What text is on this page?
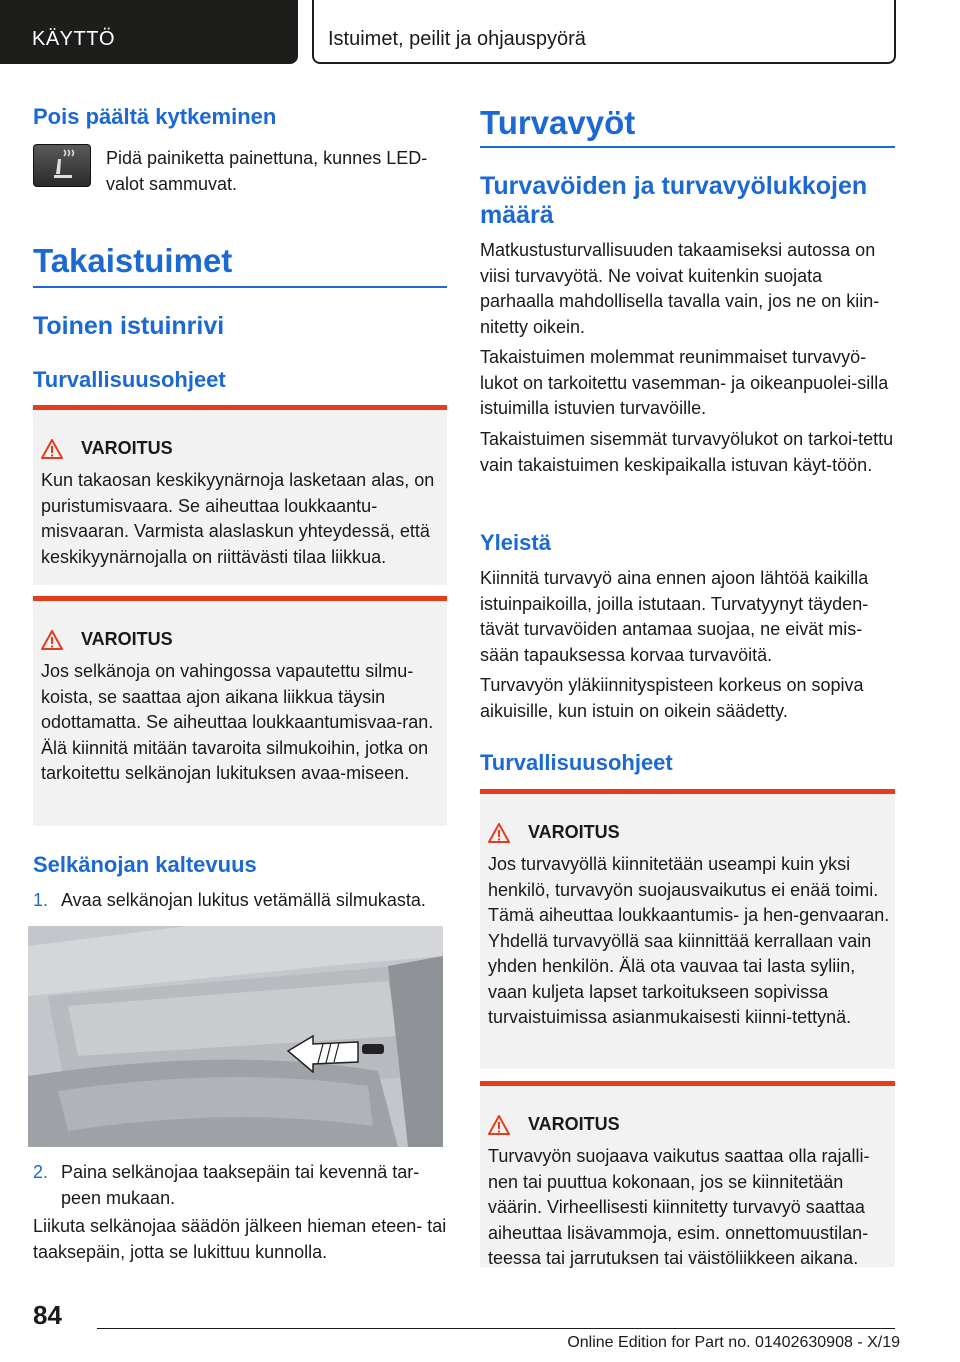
KÄYTTÖ	Istuimet, peilit ja ohjauspyörä
Pois päältä kytkeminen
Pidä painiketta painettuna, kunnes LED-valot sammuvat.
Takaistuimet
Toinen istuinrivi
Turvallisuusohjeet
VAROITUS
Kun takaosan keskikyynärnoja lasketaan alas, on puristumisvaara. Se aiheuttaa loukkaantu-misvaaran. Varmista alaslaskun yhteydessä, että keskikyynärnojalla on riittävästi tilaa liikkua.
VAROITUS
Jos selkänoja on vahingossa vapautettu silmu-koista, se saattaa ajon aikana liikkua täysin odottamatta. Se aiheuttaa loukkaantumisvaa-ran. Älä kiinnitä mitään tavaroita silmukoihin, jotka on tarkoitettu selkänojan lukituksen avaa-miseen.
Selkänojan kaltevuus
1. Avaa selkänojan lukitus vetämällä silmukasta.
2. Paina selkänojaa taaksepäin tai kevennä tar-peen mukaan.
Liikuta selkänojaa säädön jälkeen hieman eteen- tai taaksepäin, jotta se lukittuu kunnolla.
Turvavyöt
Turvavöiden ja turvavyölukkojen määrä
Matkustusturvallisuuden takaamiseksi autossa on viisi turvavyötä. Ne voivat kuitenkin suojata parhaalla mahdollisella tavalla vain, jos ne on kiin-nitetty oikein.
Takaistuimen molemmat reunimmaiset turvavyö-lukot on tarkoitettu vasemman- ja oikeanpuolei-silla istuimilla istuvien turvavöille.
Takaistuimen sisemmät turvavyölukot on tarkoi-tettu vain takaistuimen keskipaikalla istuvan käyt-töön.
Yleistä
Kiinnitä turvavyö aina ennen ajoon lähtöä kaikilla istuinpaikoilla, joilla istutaan. Turvatyynyt täyden-tävät turvavöiden antamaa suojaa, ne eivät mis-sään tapauksessa korvaa turvavöitä.
Turvavyön yläkiinnityspisteen korkeus on sopiva aikuisille, kun istuin on oikein säädetty.
Turvallisuusohjeet
VAROITUS
Jos turvavyöllä kiinnitetään useampi kuin yksi henkilö, turvavyön suojausvaikutus ei enää toimi. Tämä aiheuttaa loukkaantumis- ja hen-genvaaran. Yhdellä turvavyöllä saa kiinnittää kerrallaan vain yhden henkilön. Älä ota vauvaa tai lasta syliin, vaan kuljeta lapset tarkoitukseen sopivissa turvaistuimissa asianmukaisesti kiinni-tettynä.
VAROITUS
Turvavyön suojaava vaikutus saattaa olla rajalli-nen tai puuttua kokonaan, jos se kiinnitetään väärin. Virheellisesti kiinnitetty turvavyö saattaa aiheuttaa lisävammoja, esim. onnettomuustilan-teessa tai jarrutuksen tai väistöliikkeen aikana.
84
Online Edition for Part no. 01402630908 - X/19
